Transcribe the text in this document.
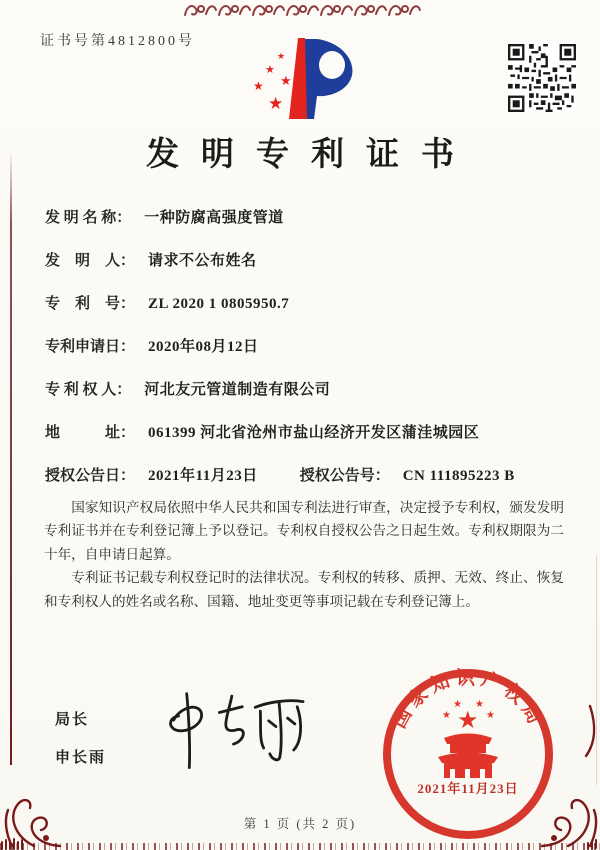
证书号第4812800号
★
★
★
★
★
发明专利证书
发 明 名 称： 一种防腐高强度管道
发　明　人： 请求不公布姓名
专　利　号： ZL 2020 1 0805950.7
专利申请日： 2020年08月12日
专 利 权 人： 河北友元管道制造有限公司
地　　　址： 061399 河北省沧州市盐山经济开发区蒲洼城园区
授权公告日： 2021年11月23日	授权公告号： CN 111895223 B

国家知识产权局依照中华人民共和国专利法进行审查，决定授予专利权，颁发发明专利证书并在专利登记簿上予以登记。专利权自授权公告之日起生效。专利权期限为二十年，自申请日起算。

专利证书记载专利权登记时的法律状况。专利权的转移、质押、无效、终止、恢复和专利权人的姓名或名称、国籍、地址变更等事项记载在专利登记簿上。

局长
申长雨
国家知识产权局
★
★
★ ★
★
2021年11月23日
第 1 页 (共 2 页)
